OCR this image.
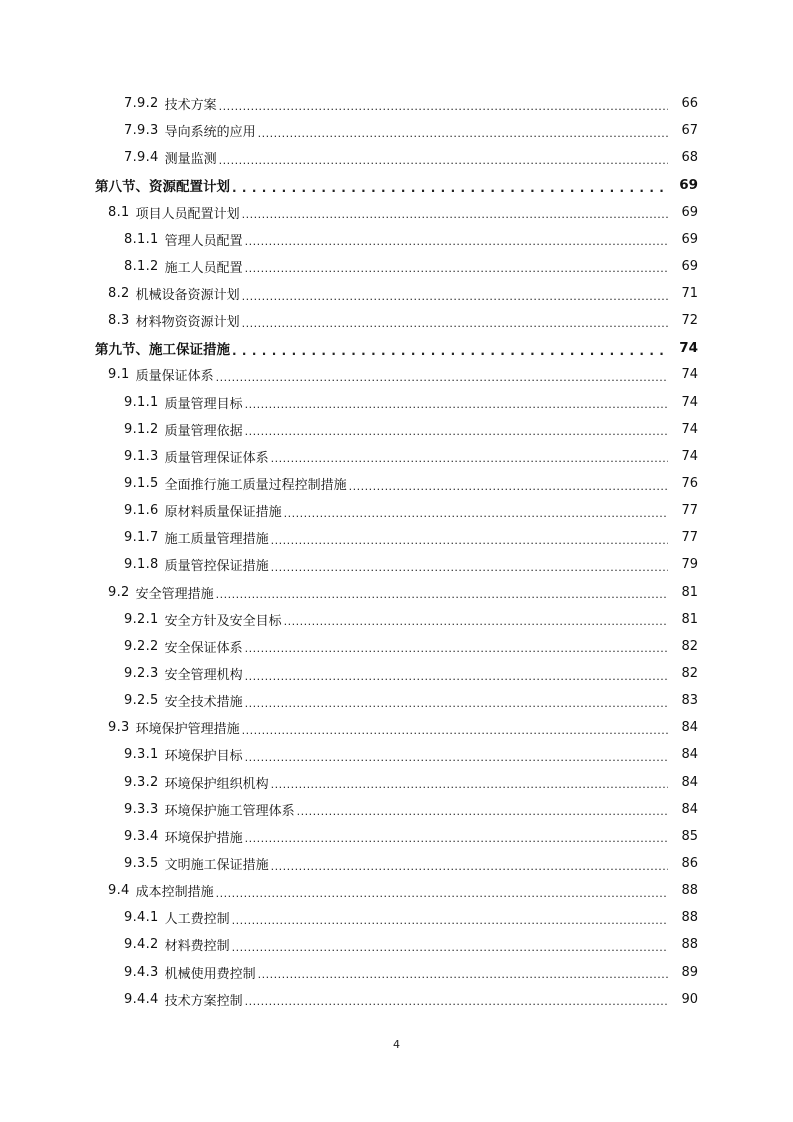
7.9.2 技术方案 .....	66
7.9.3 导向系统的应用 .....	67
7.9.4 测量监测 .....	68
第八节、资源配置计划 . . .	69
8.1 项目人员配置计划 .....	69
8.1.1 管理人员配置 .....	69
8.1.2 施工人员配置 .....	69
8.2 机械设备资源计划 .....	71
8.3 材料物资资源计划 .....	72
第九节、施工保证措施 . . .	74
9.1 质量保证体系 .....	74
9.1.1 质量管理目标 .....	74
9.1.2 质量管理依据 .....	74
9.1.3 质量管理保证体系 .....	74
9.1.5 全面推行施工质量过程控制措施 .....	76
9.1.6 原材料质量保证措施 .....	77
9.1.7 施工质量管理措施 .....	77
9.1.8 质量管控保证措施 .....	79
9.2 安全管理措施 .....	81
9.2.1 安全方针及安全目标 .....	81
9.2.2 安全保证体系 .....	82
9.2.3 安全管理机构 .....	82
9.2.5 安全技术措施 .....	83
9.3 环境保护管理措施 .....	84
9.3.1 环境保护目标 .....	84
9.3.2 环境保护组织机构 .....	84
9.3.3 环境保护施工管理体系 .....	84
9.3.4 环境保护措施 .....	85
9.3.5 文明施工保证措施 .....	86
9.4 成本控制措施 .....	88
9.4.1 人工费控制 .....	88
9.4.2 材料费控制 .....	88
9.4.3 机械使用费控制 .....	89
9.4.4 技术方案控制 .....	90
4
